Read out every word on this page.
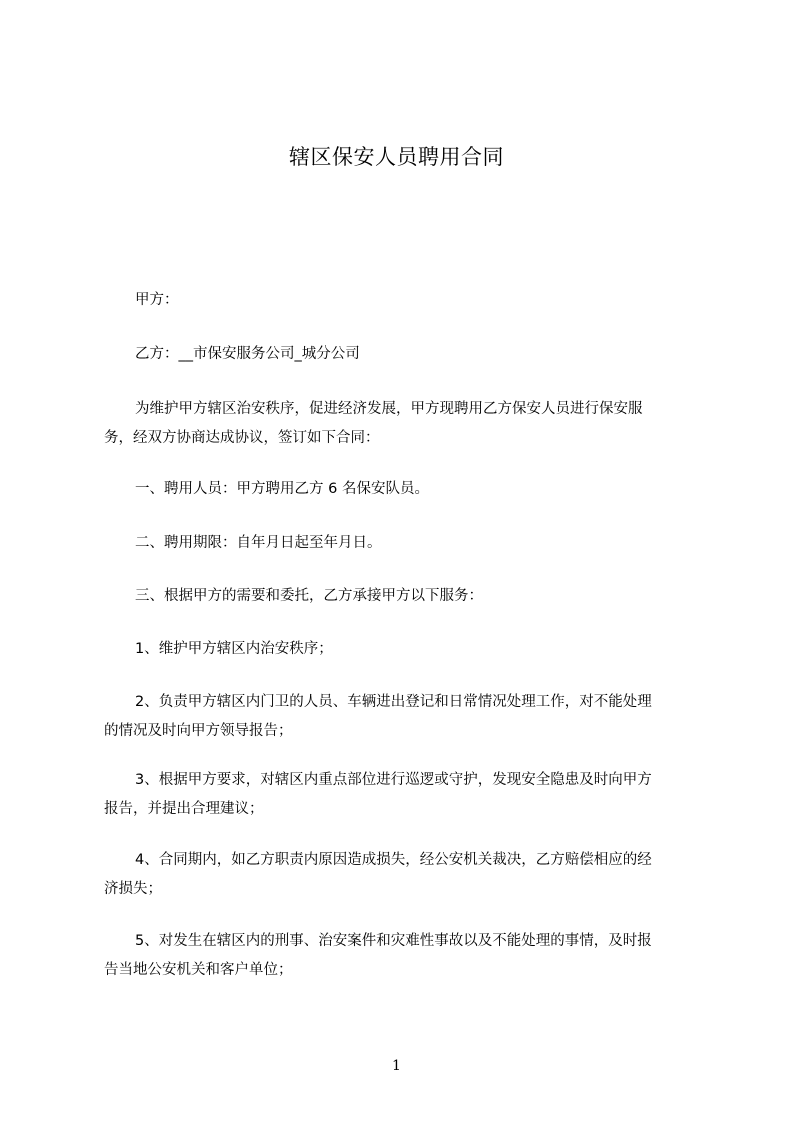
辖区保安人员聘用合同
甲方：
乙方：__市保安服务公司_城分公司
为维护甲方辖区治安秩序，促进经济发展，甲方现聘用乙方保安人员进行保安服
务，经双方协商达成协议，签订如下合同：
一、聘用人员：甲方聘用乙方 6 名保安队员。
二、聘用期限：自年月日起至年月日。
三、根据甲方的需要和委托，乙方承接甲方以下服务：
1、维护甲方辖区内治安秩序；
2、负责甲方辖区内门卫的人员、车辆进出登记和日常情况处理工作，对不能处理
的情况及时向甲方领导报告；
3、根据甲方要求，对辖区内重点部位进行巡逻或守护，发现安全隐患及时向甲方
报告，并提出合理建议；
4、合同期内，如乙方职责内原因造成损失，经公安机关裁决，乙方赔偿相应的经
济损失；
5、对发生在辖区内的刑事、治安案件和灾难性事故以及不能处理的事情，及时报
告当地公安机关和客户单位；
1
